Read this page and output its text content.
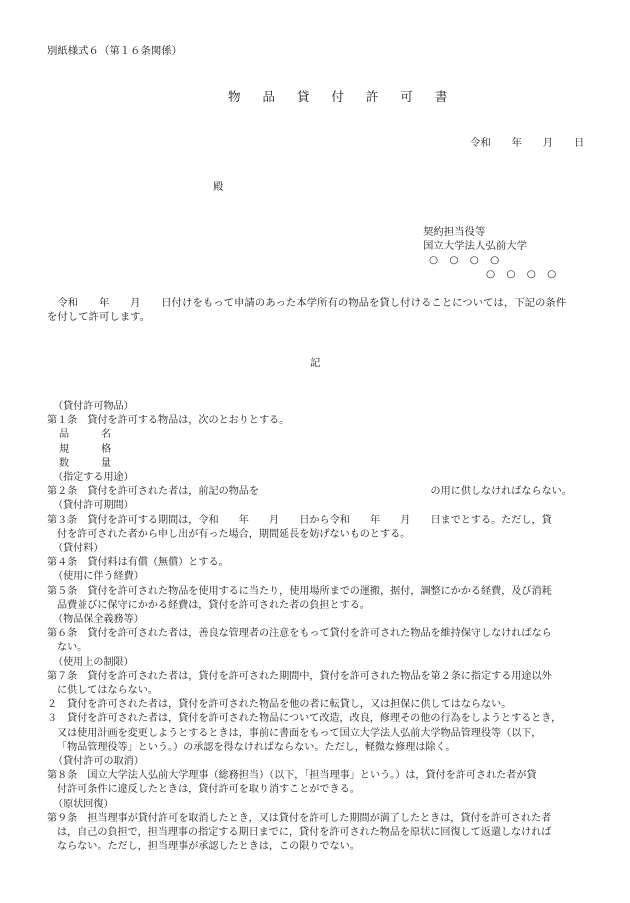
別紙様式６（第１６条関係）
物 品 貸 付 許 可 書
令和　　年　　月　　日
殿
契約担当役等
国立大学法人弘前大学
○ ○ ○ ○
○ ○ ○ ○
　令和　　年　　月　　日付けをもって申請のあった本学所有の物品を貸し付けることについては，下記の条件
を付して許可します。
記
（貸付許可物品）
第１条　貸付を許可する物品は，次のとおりとする。
品	名
規	格
数	量
（指定する用途）
第２条　貸付を許可された者は，前記の物品を　　　　　　　　　　　　　　　　　の用に供しなければならない。
（貸付許可期間）
第３条　貸付を許可する期間は，令和　　年　　月　　日から令和　　年　　月　　日までとする。ただし，貸
付を許可された者から申し出が有った場合，期間延長を妨げないものとする。
（貸付料）
第４条　貸付料は有償（無償）とする。
（使用に伴う経費）
第５条　貸付を許可された物品を使用するに当たり，使用場所までの運搬，据付，調整にかかる経費，及び消耗
品費並びに保守にかかる経費は，貸付を許可された者の負担とする。
（物品保全義務等）
第６条　貸付を許可された者は，善良な管理者の注意をもって貸付を許可された物品を維持保守しなければなら
ない。
（使用上の制限）
第７条　貸付を許可された者は，貸付を許可された期間中，貸付を許可された物品を第２条に指定する用途以外
に供してはならない。
２　貸付を許可された者は，貸付を許可された物品を他の者に転貸し，又は担保に供してはならない。
３　貸付を許可された者は，貸付を許可された物品について改造，改良，修理その他の行為をしようとするとき，
又は使用計画を変更しようとするときは，事前に書面をもって国立大学法人弘前大学物品管理役等（以下，
「物品管理役等」という。）の承認を得なければならない。ただし，軽微な修理は除く。
（貸付許可の取消）
第８条　国立大学法人弘前大学理事（総務担当）（以下，「担当理事」という。）は，貸付を許可された者が貸
付許可条件に違反したときは，貸付許可を取り消すことができる。
（原状回復）
第９条　担当理事が貸付許可を取消したとき，又は貸付を許可した期間が満了したときは，貸付を許可された者
は，自己の負担で，担当理事の指定する期日までに，貸付を許可された物品を原状に回復して返還しなければ
ならない。ただし，担当理事が承認したときは，この限りでない。
